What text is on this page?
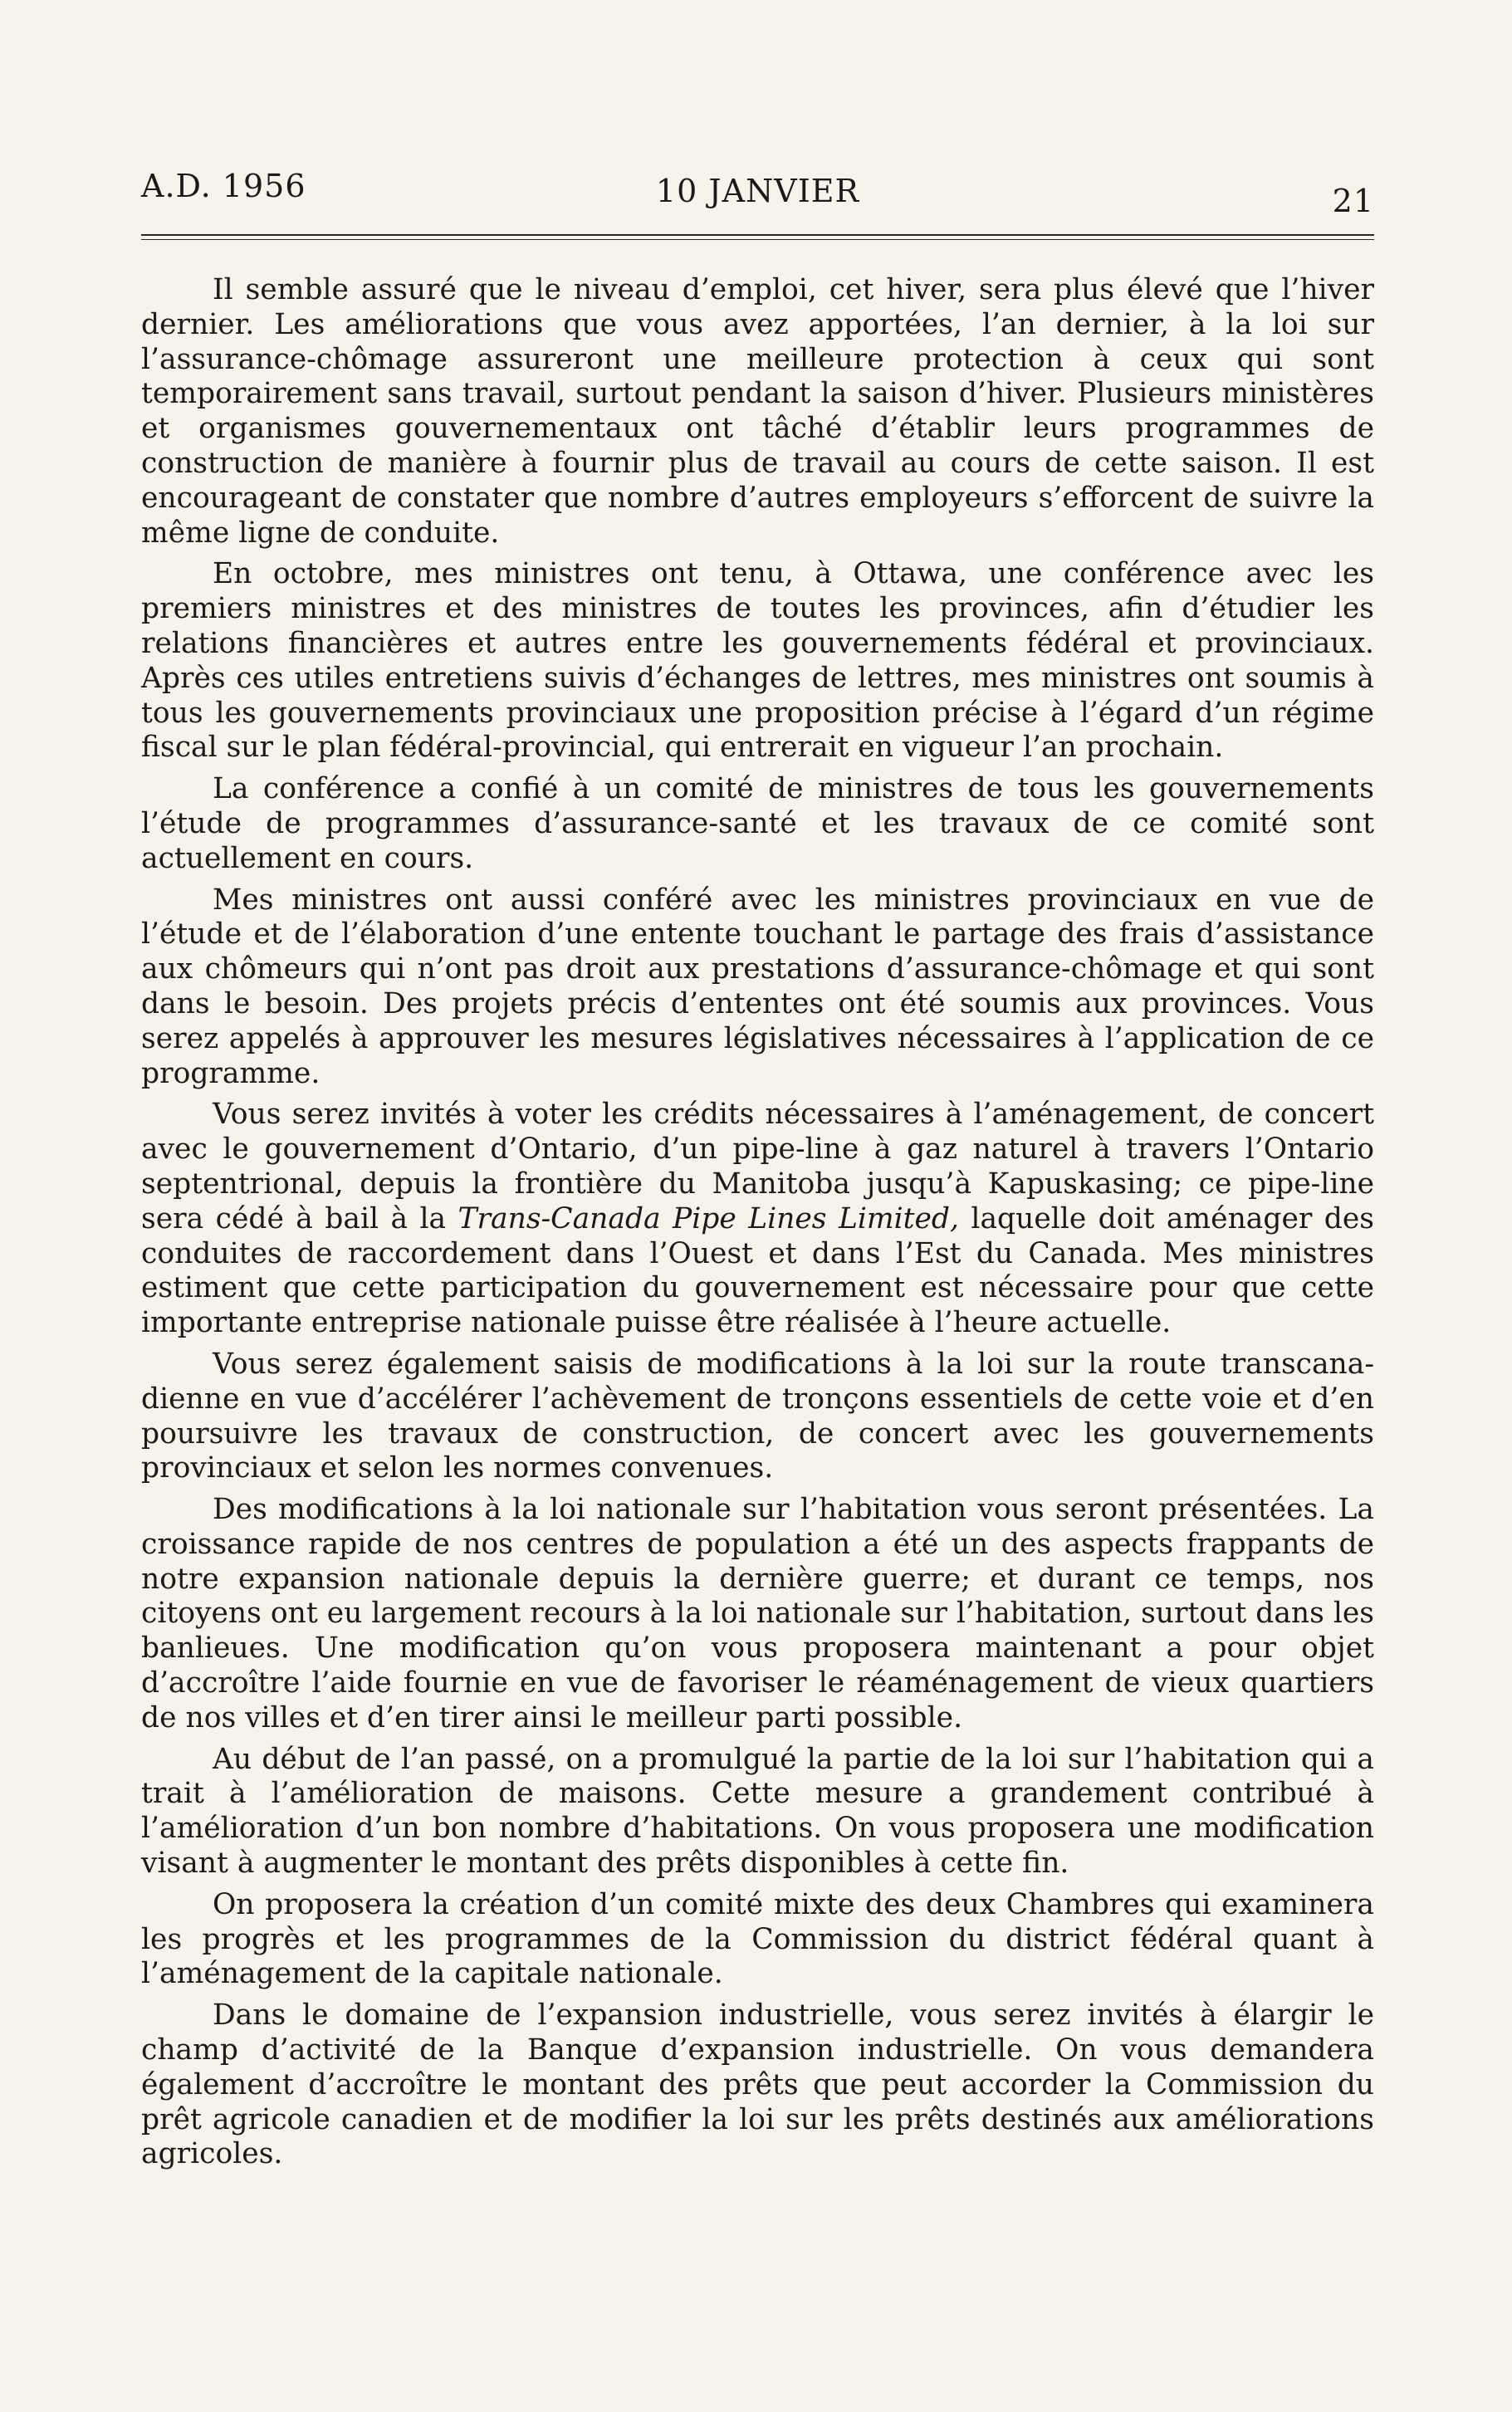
A.D. 1956	10 JANVIER	21

Il semble assuré que le niveau d’emploi, cet hiver, sera plus élevé que l’hiver dernier. Les améliorations que vous avez apportées, l’an dernier, à la loi sur l’assurance-chômage assureront une meilleure protection à ceux qui sont temporairement sans travail, surtout pendant la saison d’hiver. Plusieurs ministères et organismes gouvernementaux ont tâché d’établir leurs programmes de construction de manière à fournir plus de travail au cours de cette saison. Il est encourageant de constater que nombre d’autres employeurs s’efforcent de suivre la même ligne de conduite.

En octobre, mes ministres ont tenu, à Ottawa, une conférence avec les premiers ministres et des ministres de toutes les provinces, afin d’étudier les relations financières et autres entre les gouvernements fédéral et provinciaux. Après ces utiles entretiens suivis d’échanges de lettres, mes ministres ont soumis à tous les gouvernements provinciaux une proposition précise à l’égard d’un régime fiscal sur le plan fédéral-provincial, qui entrerait en vigueur l’an prochain.

La conférence a confié à un comité de ministres de tous les gouvernements l’étude de programmes d’assurance-santé et les travaux de ce comité sont actuellement en cours.

Mes ministres ont aussi conféré avec les ministres provinciaux en vue de l’étude et de l’élaboration d’une entente touchant le partage des frais d’assistance aux chômeurs qui n’ont pas droit aux prestations d’assurance-chômage et qui sont dans le besoin. Des projets précis d’ententes ont été soumis aux provinces. Vous serez appelés à approuver les mesures législatives nécessaires à l’application de ce programme.

Vous serez invités à voter les crédits nécessaires à l’aménagement, de concert avec le gouvernement d’Ontario, d’un pipe-line à gaz naturel à travers l’Ontario septentrional, depuis la frontière du Manitoba jusqu’à Kapuskasing; ce pipe-line sera cédé à bail à la Trans-Canada Pipe Lines Limited, laquelle doit aménager des conduites de raccordement dans l’Ouest et dans l’Est du Canada. Mes ministres estiment que cette participation du gouvernement est nécessaire pour que cette importante entreprise nationale puisse être réalisée à l’heure actuelle.

Vous serez également saisis de modifications à la loi sur la route transcanadienne en vue d’accélérer l’achèvement de tronçons essentiels de cette voie et d’en poursuivre les travaux de construction, de concert avec les gouvernements provinciaux et selon les normes convenues.

Des modifications à la loi nationale sur l’habitation vous seront présentées. La croissance rapide de nos centres de population a été un des aspects frappants de notre expansion nationale depuis la dernière guerre; et durant ce temps, nos citoyens ont eu largement recours à la loi nationale sur l’habitation, surtout dans les banlieues. Une modification qu’on vous proposera maintenant a pour objet d’accroître l’aide fournie en vue de favoriser le réaménagement de vieux quartiers de nos villes et d’en tirer ainsi le meilleur parti possible.

Au début de l’an passé, on a promulgué la partie de la loi sur l’habitation qui a trait à l’amélioration de maisons. Cette mesure a grandement contribué à l’amélioration d’un bon nombre d’habitations. On vous proposera une modification visant à augmenter le montant des prêts disponibles à cette fin.

On proposera la création d’un comité mixte des deux Chambres qui examinera les progrès et les programmes de la Commission du district fédéral quant à l’aménagement de la capitale nationale.

Dans le domaine de l’expansion industrielle, vous serez invités à élargir le champ d’activité de la Banque d’expansion industrielle. On vous demandera également d’accroître le montant des prêts que peut accorder la Commission du prêt agricole canadien et de modifier la loi sur les prêts destinés aux améliorations agricoles.
